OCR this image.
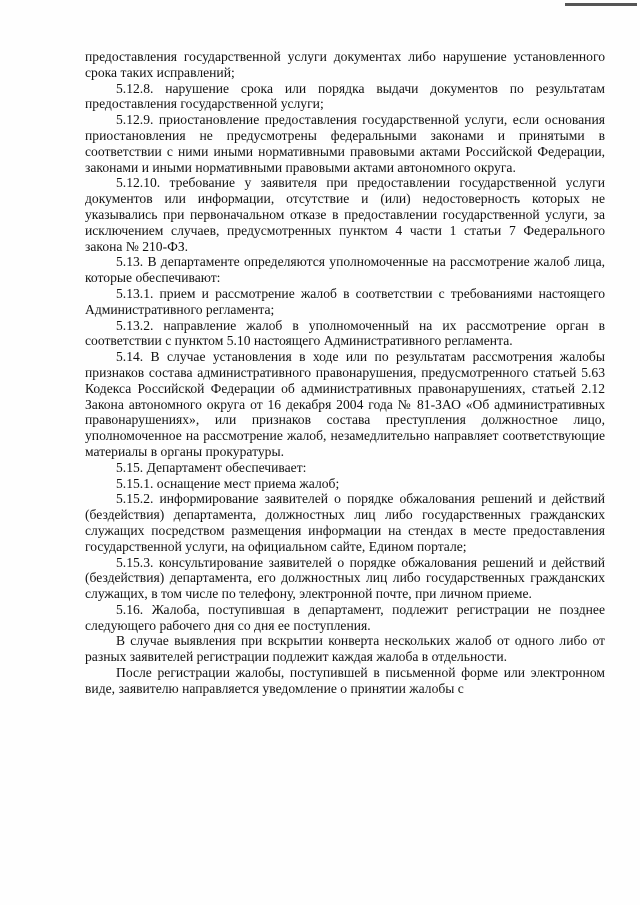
предоставления государственной услуги документах либо нарушение установленного срока таких исправлений;

5.12.8. нарушение срока или порядка выдачи документов по результатам предоставления государственной услуги;

5.12.9. приостановление предоставления государственной услуги, если основания приостановления не предусмотрены федеральными законами и принятыми в соответствии с ними иными нормативными правовыми актами Российской Федерации, законами и иными нормативными правовыми актами автономного округа.

5.12.10. требование у заявителя при предоставлении государственной услуги документов или информации, отсутствие и (или) недостоверность которых не указывались при первоначальном отказе в предоставлении государственной услуги, за исключением случаев, предусмотренных пунктом 4 части 1 статьи 7 Федерального закона № 210-ФЗ.

5.13. В департаменте определяются уполномоченные на рассмотрение жалоб лица, которые обеспечивают:

5.13.1. прием и рассмотрение жалоб в соответствии с требованиями настоящего Административного регламента;

5.13.2. направление жалоб в уполномоченный на их рассмотрение орган в соответствии с пунктом 5.10 настоящего Административного регламента.

5.14. В случае установления в ходе или по результатам рассмотрения жалобы признаков состава административного правонарушения, предусмотренного статьей 5.63 Кодекса Российской Федерации об административных правонарушениях, статьей 2.12 Закона автономного округа от 16 декабря 2004 года № 81-ЗАО «Об административных правонарушениях», или признаков состава преступления должностное лицо, уполномоченное на рассмотрение жалоб, незамедлительно направляет соответствующие материалы в органы прокуратуры.

5.15. Департамент обеспечивает:

5.15.1. оснащение мест приема жалоб;

5.15.2. информирование заявителей о порядке обжалования решений и действий (бездействия) департамента, должностных лиц либо государственных гражданских служащих посредством размещения информации на стендах в месте предоставления государственной услуги, на официальном сайте, Едином портале;

5.15.3. консультирование заявителей о порядке обжалования решений и действий (бездействия) департамента, его должностных лиц либо государственных гражданских служащих, в том числе по телефону, электронной почте, при личном приеме.

5.16. Жалоба, поступившая в департамент, подлежит регистрации не позднее следующего рабочего дня со дня ее поступления.

В случае выявления при вскрытии конверта нескольких жалоб от одного либо от разных заявителей регистрации подлежит каждая жалоба в отдельности.

После регистрации жалобы, поступившей в письменной форме или электронном виде, заявителю направляется уведомление о принятии жалобы с
